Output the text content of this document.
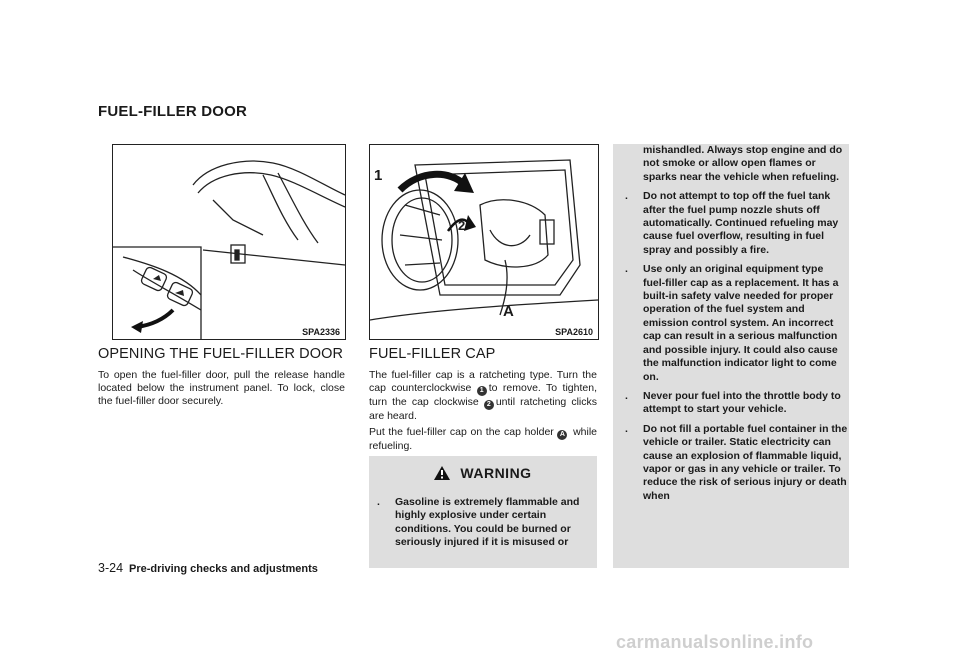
FUEL-FILLER DOOR
SPA2336
OPENING THE FUEL-FILLER DOOR
To open the fuel-filler door, pull the release handle located below the instrument panel. To lock, close the fuel-filler door securely.
1
2
A
SPA2610
FUEL-FILLER CAP
The fuel-filler cap is a ratcheting type. Turn the cap counterclockwise 1 to remove. To tighten, turn the cap clockwise 2 until ratcheting clicks are heard.
Put the fuel-filler cap on the cap holder A while refueling.
WARNING
. Gasoline is extremely flammable and highly explosive under certain conditions. You could be burned or seriously injured if it is misused or
mishandled. Always stop engine and do not smoke or allow open flames or sparks near the vehicle when refueling.
. Do not attempt to top off the fuel tank after the fuel pump nozzle shuts off automatically. Continued refueling may cause fuel overflow, resulting in fuel spray and possibly a fire.
. Use only an original equipment type fuel-filler cap as a replacement. It has a built-in safety valve needed for proper operation of the fuel system and emission control system. An incorrect cap can result in a serious malfunction and possible injury. It could also cause the malfunction indicator light to come on.
. Never pour fuel into the throttle body to attempt to start your vehicle.
. Do not fill a portable fuel container in the vehicle or trailer. Static electricity can cause an explosion of flammable liquid, vapor or gas in any vehicle or trailer. To reduce the risk of serious injury or death when
3-24 Pre-driving checks and adjustments
carmanualsonline.info
